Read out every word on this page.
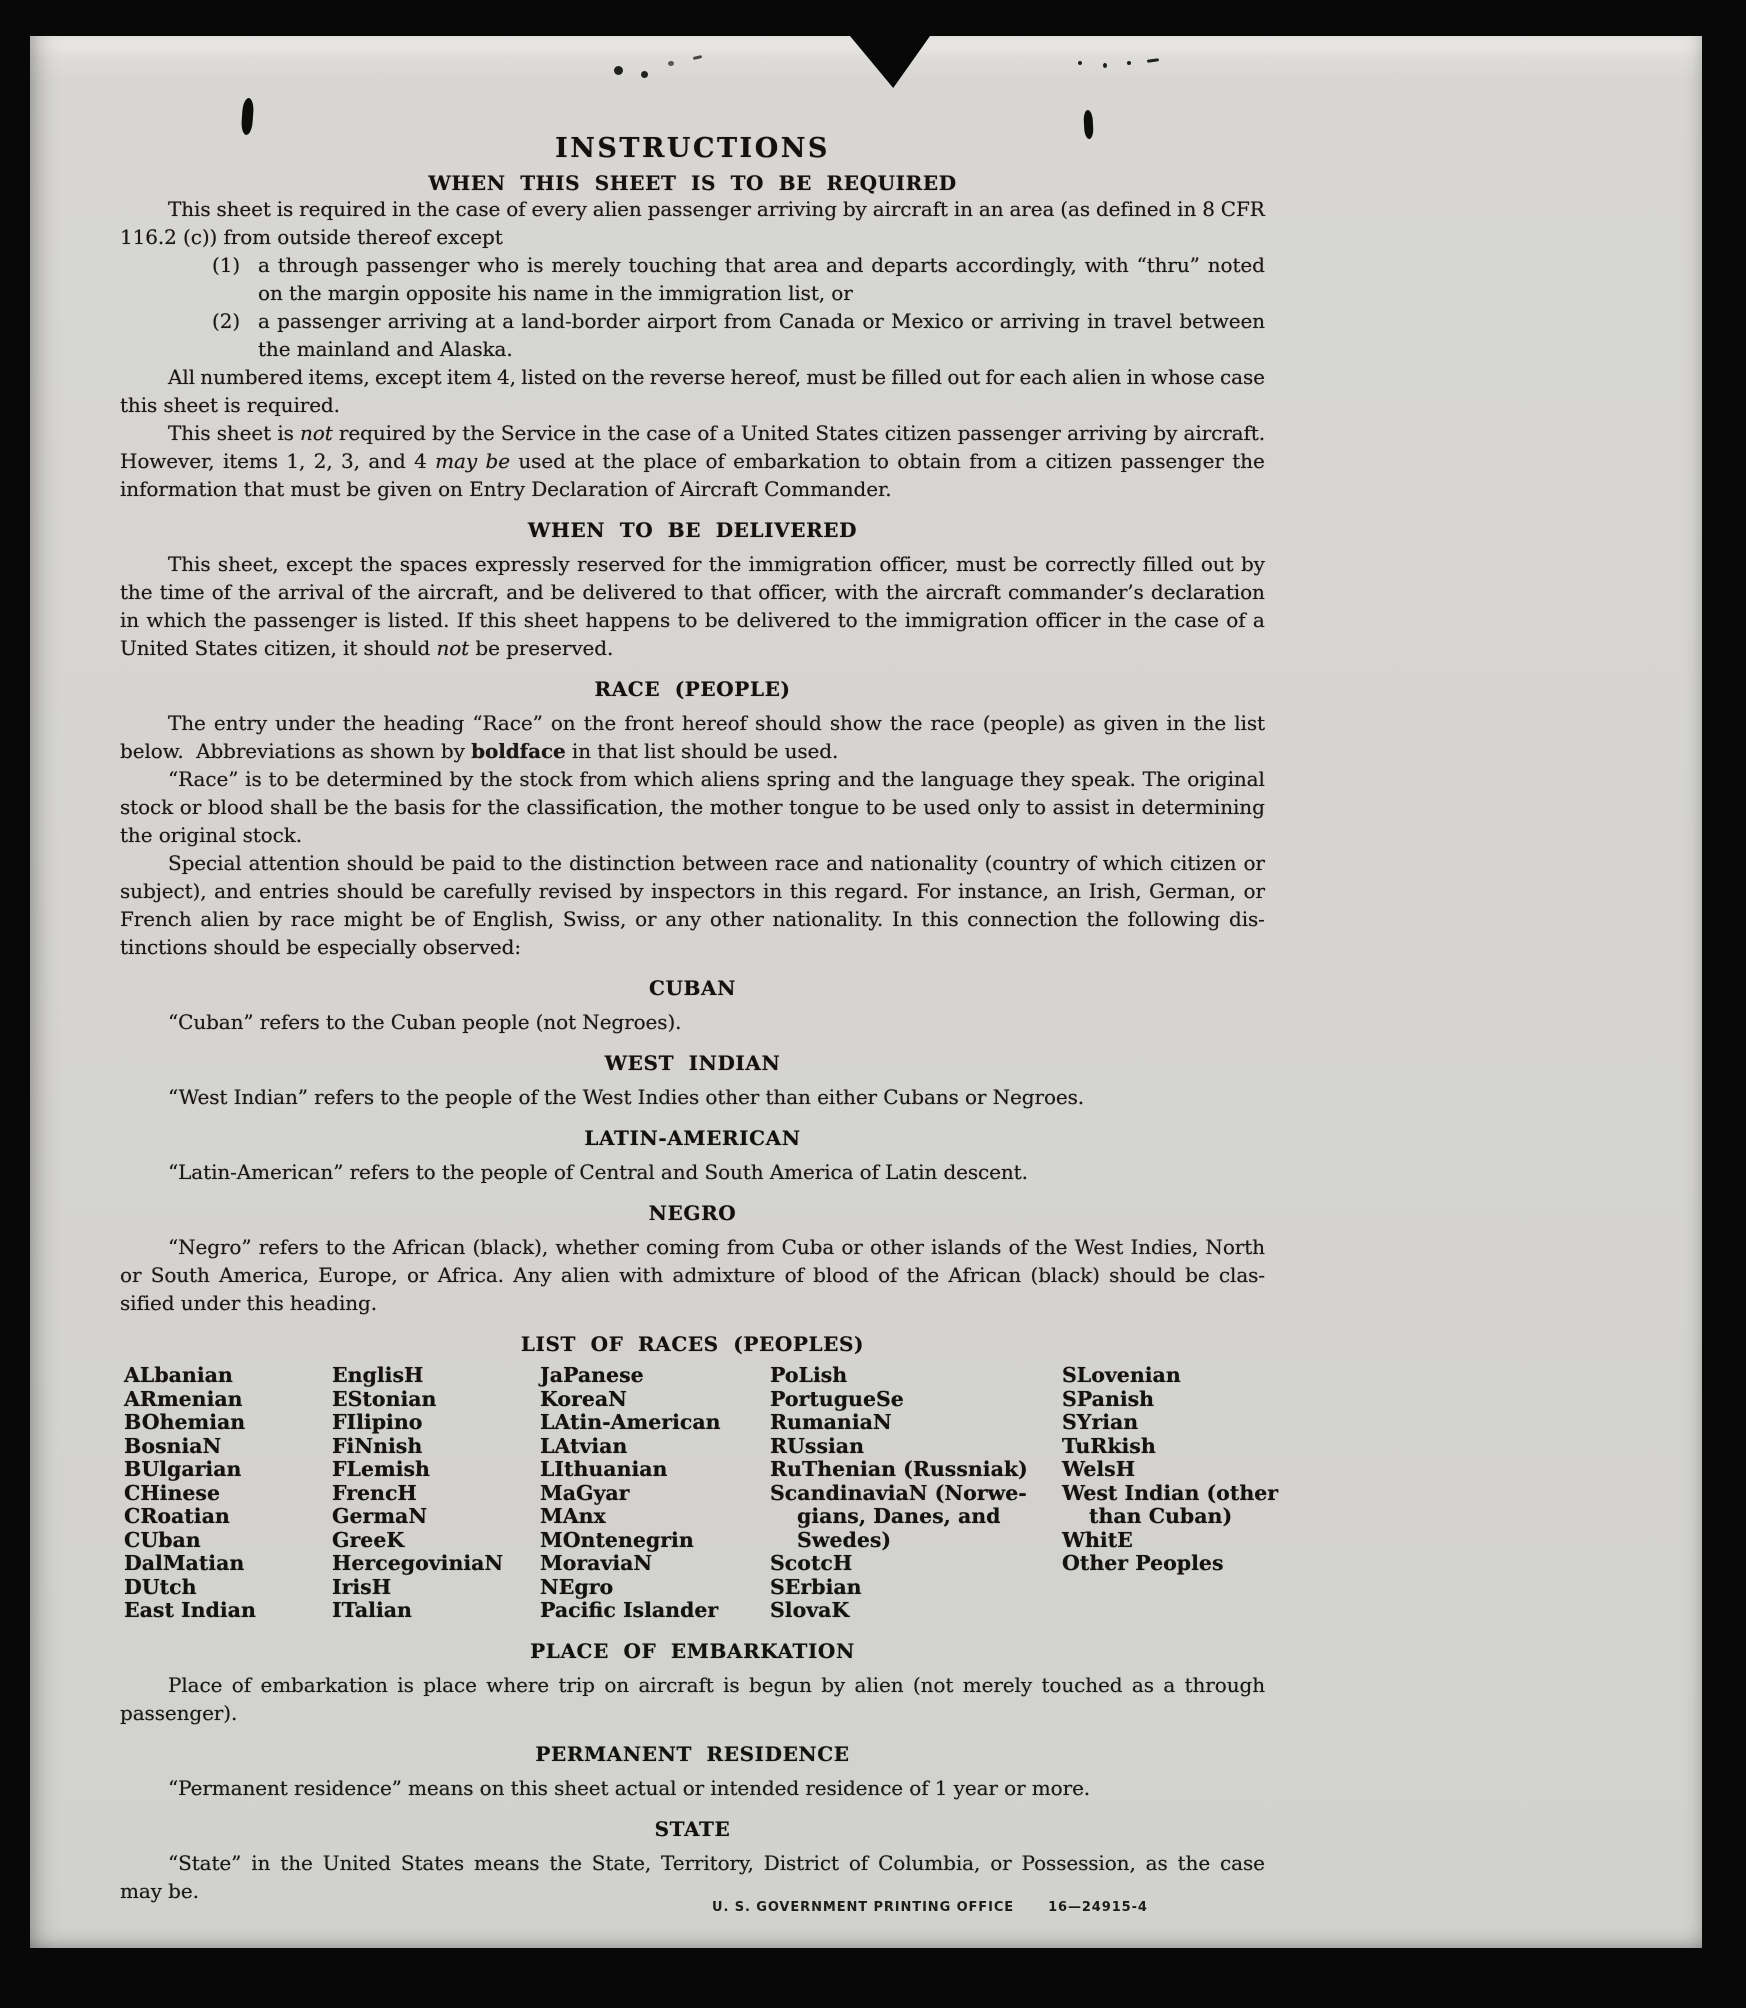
INSTRUCTIONS
WHEN THIS SHEET IS TO BE REQUIRED
This sheet is required in the case of every alien passenger arriving by aircraft in an area (as defined in 8 CFR
116.2 (c)) from outside thereof except
(1) a through passenger who is merely touching that area and departs accordingly, with “thru” noted
on the margin opposite his name in the immigration list, or
(2) a passenger arriving at a land-border airport from Canada or Mexico or arriving in travel between
the mainland and Alaska.
All numbered items, except item 4, listed on the reverse hereof, must be filled out for each alien in whose case
this sheet is required.
This sheet is not required by the Service in the case of a United States citizen passenger arriving by aircraft.
However, items 1, 2, 3, and 4 may be used at the place of embarkation to obtain from a citizen passenger the
information that must be given on Entry Declaration of Aircraft Commander.
WHEN TO BE DELIVERED
This sheet, except the spaces expressly reserved for the immigration officer, must be correctly filled out by
the time of the arrival of the aircraft, and be delivered to that officer, with the aircraft commander’s declaration
in which the passenger is listed. If this sheet happens to be delivered to the immigration officer in the case of a
United States citizen, it should not be preserved.
RACE (PEOPLE)
The entry under the heading “Race” on the front hereof should show the race (people) as given in the list
below.  Abbreviations as shown by boldface in that list should be used.
“Race” is to be determined by the stock from which aliens spring and the language they speak. The original
stock or blood shall be the basis for the classification, the mother tongue to be used only to assist in determining
the original stock.
Special attention should be paid to the distinction between race and nationality (country of which citizen or
subject), and entries should be carefully revised by inspectors in this regard. For instance, an Irish, German, or
French alien by race might be of English, Swiss, or any other nationality. In this connection the following dis-
tinctions should be especially observed:
CUBAN
“Cuban” refers to the Cuban people (not Negroes).
WEST INDIAN
“West Indian” refers to the people of the West Indies other than either Cubans or Negroes.
LATIN-AMERICAN
“Latin-American” refers to the people of Central and South America of Latin descent.
NEGRO
“Negro” refers to the African (black), whether coming from Cuba or other islands of the West Indies, North
or South America, Europe, or Africa. Any alien with admixture of blood of the African (black) should be clas-
sified under this heading.
LIST OF RACES (PEOPLES)
ALbanian
ARmenian
BOhemian
BosniaN
BUlgarian
CHinese
CRoatian
CUban
DalMatian
DUtch
East Indian
EnglisH
EStonian
FIlipino
FiNnish
FLemish
FrencH
GermaN
GreeK
HercegoviniaN
IrisH
ITalian
JaPanese
KoreaN
LAtin-American
LAtvian
LIthuanian
MaGyar
MAnx
MOntenegrin
MoraviaN
NEgro
Pacific Islander
PoLish
PortugueSe
RumaniaN
RUssian
RuThenian (Russniak)
ScandinaviaN (Norwe-
gians, Danes, and
Swedes)
ScotcH
SErbian
SlovaK
SLovenian
SPanish
SYrian
TuRkish
WelsH
West Indian (other
than Cuban)
WhitE
Other Peoples
PLACE OF EMBARKATION
Place of embarkation is place where trip on aircraft is begun by alien (not merely touched as a through
passenger).
PERMANENT RESIDENCE
“Permanent residence” means on this sheet actual or intended residence of 1 year or more.
STATE
“State” in the United States means the State, Territory, District of Columbia, or Possession, as the case
may be.
U. S. GOVERNMENT PRINTING OFFICE	16—24915-4
